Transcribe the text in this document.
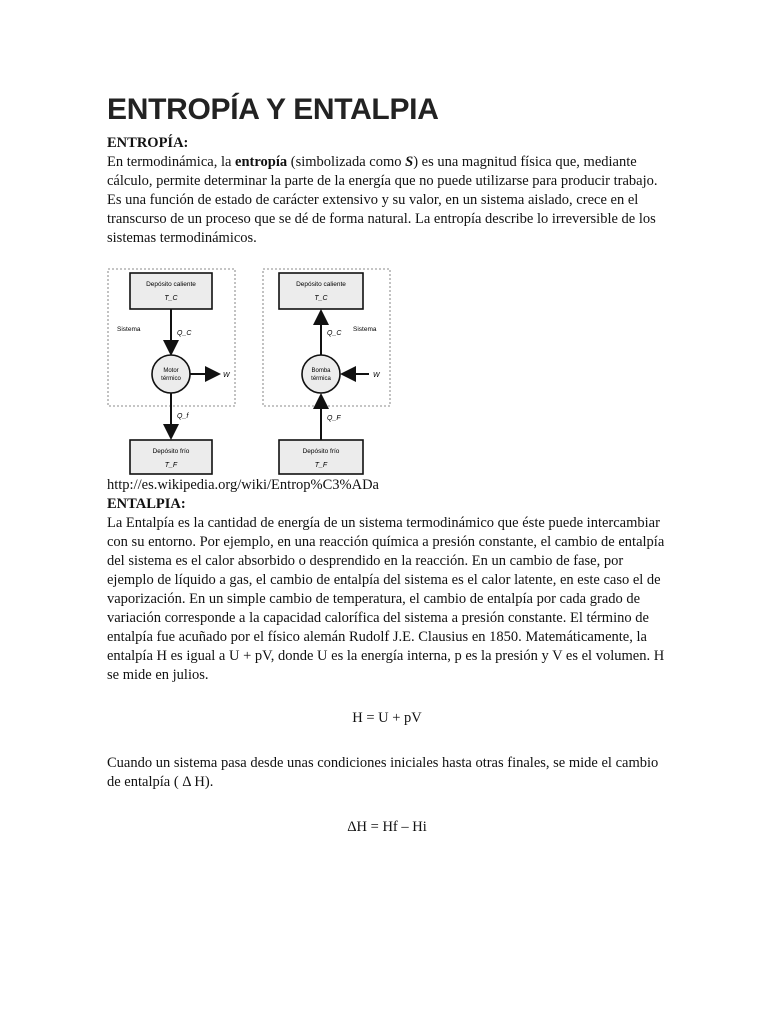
ENTROPÍA Y ENTALPIA

ENTROPÍA:

En termodinámica, la entropía (simbolizada como S) es una magnitud física que, mediante cálculo, permite determinar la parte de la energía que no puede utilizarse para producir trabajo. Es una función de estado de carácter extensivo y su valor, en un sistema aislado, crece en el transcurso de un proceso que se dé de forma natural. La entropía describe lo irreversible de los sistemas termodinámicos.

Depósito caliente
T_C
Sistema
Q_C
Motor
térmico	W
Q_f
Depósito frío
T_F
Depósito caliente
T_C
Q_C
Sistema
Bomba
térmica	W
Q_F
Depósito frío
T_F

http://es.wikipedia.org/wiki/Entrop%C3%ADa

ENTALPIA:

La Entalpía es la cantidad de energía de un sistema termodinámico que éste puede intercambiar con su entorno. Por ejemplo, en una reacción química a presión constante, el cambio de entalpía del sistema es el calor absorbido o desprendido en la reacción. En un cambio de fase, por ejemplo de líquido a gas, el cambio de entalpía del sistema es el calor latente, en este caso el de vaporización. En un simple cambio de temperatura, el cambio de entalpía por cada grado de variación corresponde a la capacidad calorífica del sistema a presión constante. El término de entalpía fue acuñado por el físico alemán Rudolf J.E. Clausius en 1850. Matemáticamente, la entalpía H es igual a U + pV, donde U es la energía interna, p es la presión y V es el volumen. H se mide en julios.

H = U + pV

Cuando un sistema pasa desde unas condiciones iniciales hasta otras finales, se mide el cambio de entalpía ( Δ H).

ΔH = Hf – Hi
